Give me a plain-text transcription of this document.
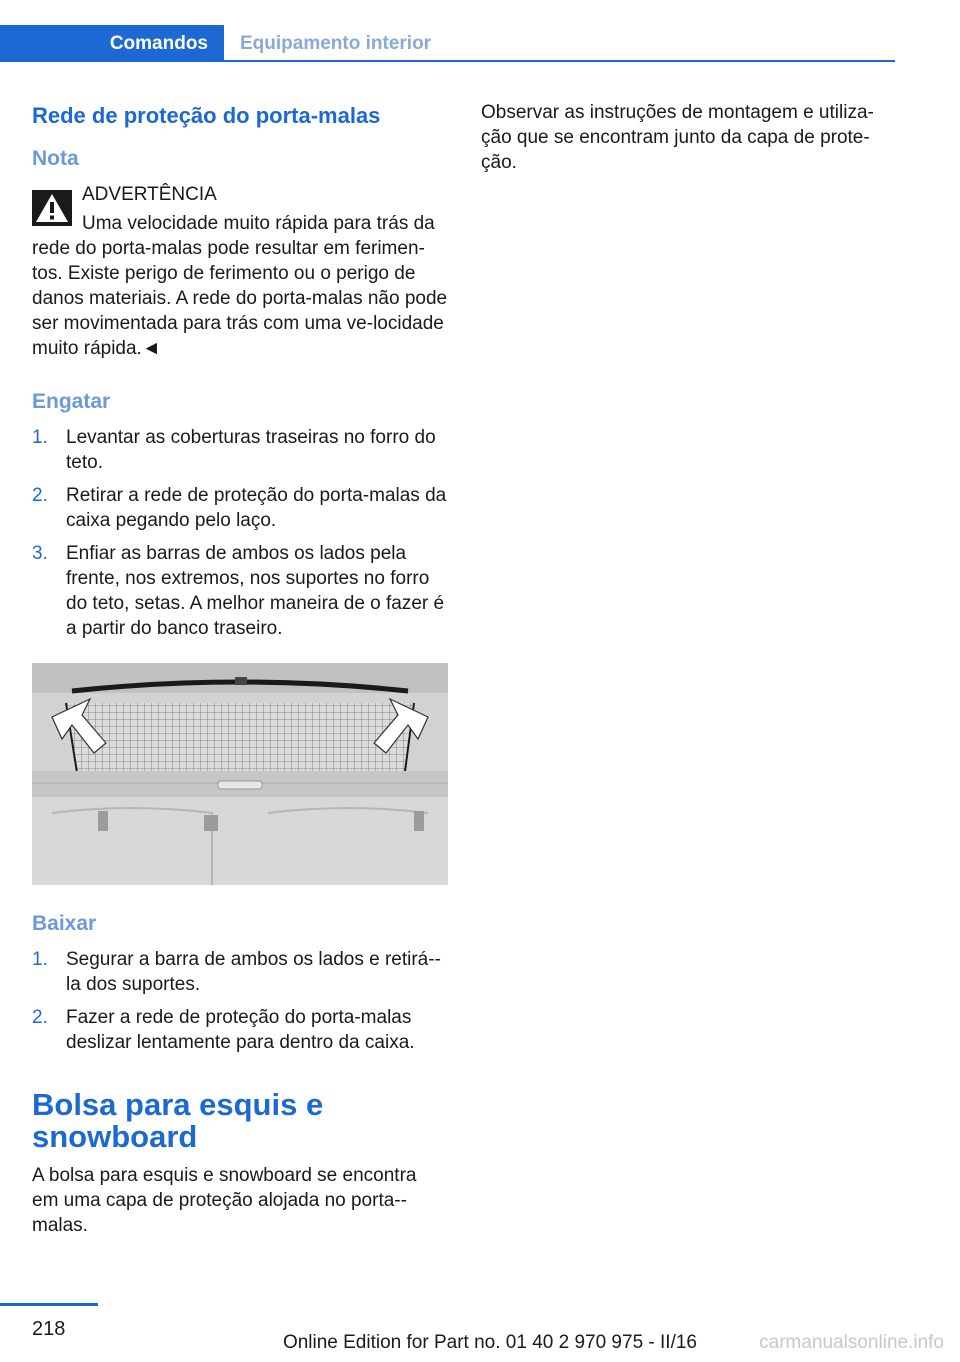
Comandos	Equipamento interior
Rede de proteção do porta-malas
Nota
ADVERTÊNCIA
Uma velocidade muito rápida para trás da rede do porta-malas pode resultar em ferimen-tos. Existe perigo de ferimento ou o perigo de danos materiais. A rede do porta-malas não pode ser movimentada para trás com uma ve-locidade muito rápida.◄
Engatar
1. Levantar as coberturas traseiras no forro do teto.
2. Retirar a rede de proteção do porta-malas da caixa pegando pelo laço.
3. Enfiar as barras de ambos os lados pela frente, nos extremos, nos suportes no forro do teto, setas. A melhor maneira de o fazer é a partir do banco traseiro.
Baixar
1. Segurar a barra de ambos os lados e retirá--la dos suportes.
2. Fazer a rede de proteção do porta-malas deslizar lentamente para dentro da caixa.
Bolsa para esquis e snowboard

A bolsa para esquis e snowboard se encontra em uma capa de proteção alojada no porta--malas.

Observar as instruções de montagem e utiliza-ção que se encontram junto da capa de prote-ção.

218
Online Edition for Part no. 01 40 2 970 975 - II/16	carmanualsonline.info
